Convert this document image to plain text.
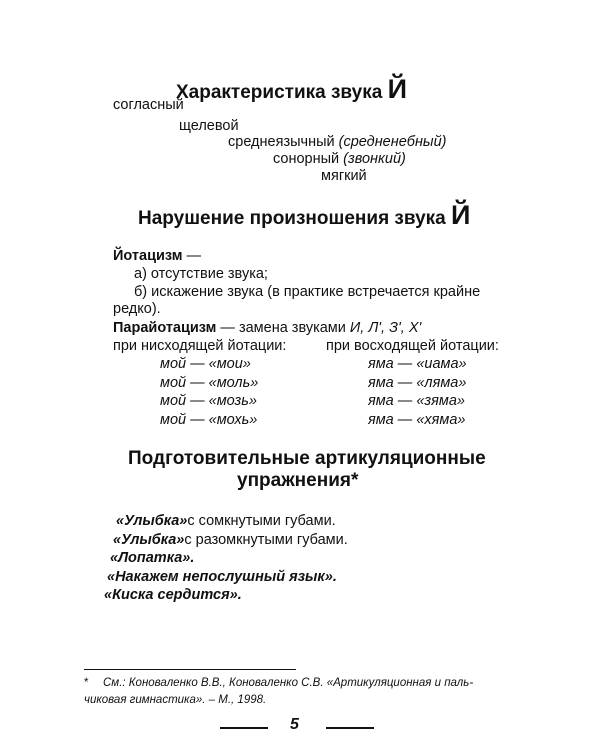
Характеристика звука Й
согласный
щелевой
среднеязычный (средненебный)
сонорный (звонкий)
мягкий
Нарушение произношения звука Й
Йотацизм —
а) отсутствие звука;
б) искажение звука (в практике встречается крайне
редко).
Парайотацизм — замена звуками И, Л', З', Х'
при нисходящей йотации:	при восходящей йотации:
мой — «мои»
мой — «моль»
мой — «мозь»
мой — «мохь»
яма — «иама»
яма — «ляма»
яма — «зяма»
яма — «хяма»
Подготовительные артикуляционные
упражнения*
«Улыбка»с сомкнутыми губами.
«Улыбка»с разомкнутыми губами.
«Лопатка».
«Накажем непослушный язык».
«Киска сердится».
* См.: Коноваленко В.В., Коноваленко С.В. «Артикуляционная и паль-
чиковая гимнастика». – М., 1998.
5
